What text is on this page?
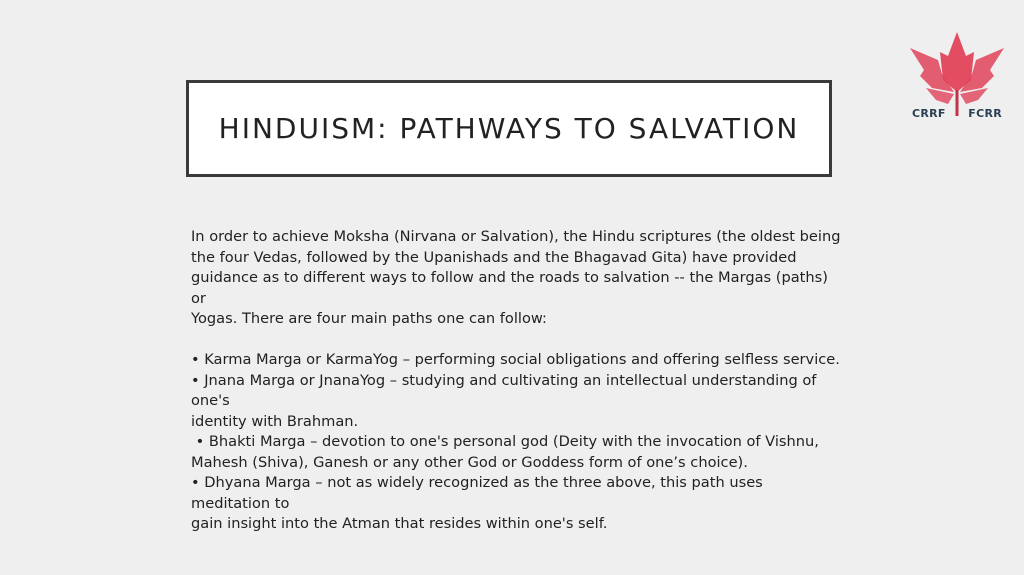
HINDUISM: PATHWAYS TO SALVATION

In order to achieve Moksha (Nirvana or Salvation), the Hindu scriptures (the oldest being

the four Vedas, followed by the Upanishads and the Bhagavad Gita) have provided

guidance as to different ways to follow and the roads to salvation -- the Margas (paths) or

Yogas. There are four main paths one can follow:

• Karma Marga or KarmaYog – performing social obligations and offering selfless service.

• Jnana Marga or JnanaYog – studying and cultivating an intellectual understanding of one's

identity with Brahman.

• Bhakti Marga – devotion to one's personal god (Deity with the invocation of Vishnu,

Mahesh (Shiva), Ganesh or any other God or Goddess form of one’s choice).

• Dhyana Marga – not as widely recognized as the three above, this path uses meditation to

gain insight into the Atman that resides within one's self.

CRRF FCRR
